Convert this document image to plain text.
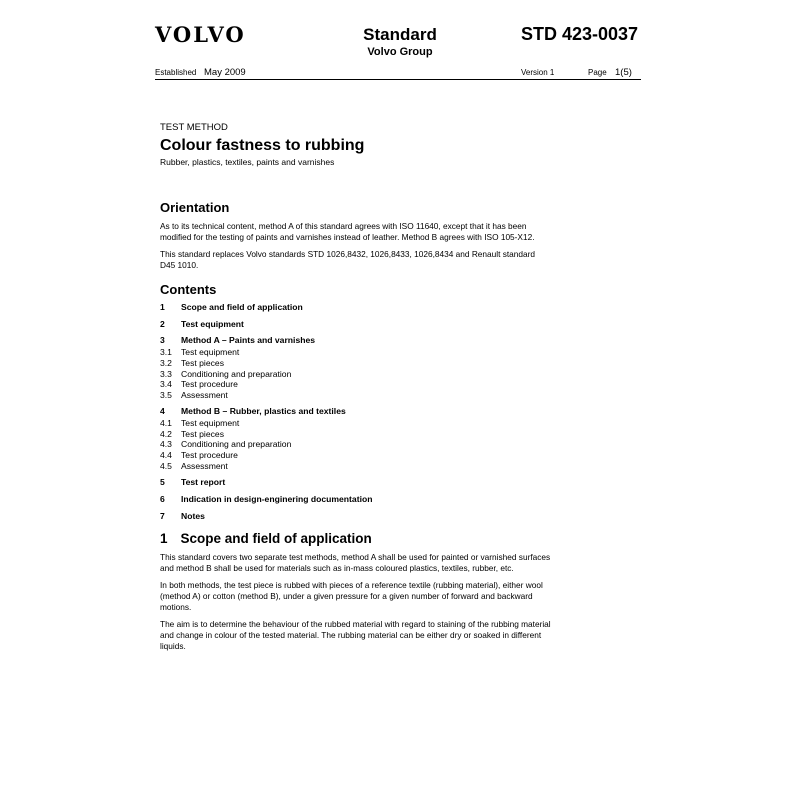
VOLVO	Standard
Volvo Group
STD 423-0037
Established May 2009	Version 1	Page 1(5)
TEST METHOD
Colour fastness to rubbing
Rubber, plastics, textiles, paints and varnishes
Orientation
As to its technical content, method A of this standard agrees with ISO 11640, except that it has been
modified for the testing of paints and varnishes instead of leather. Method B agrees with ISO 105-X12.
This standard replaces Volvo standards STD 1026,8432, 1026,8433, 1026,8434 and Renault standard
D45 1010.
Contents
1 Scope and field of application
2 Test equipment
3 Method A – Paints and varnishes
3.1 Test equipment
3.2 Test pieces
3.3 Conditioning and preparation
3.4 Test procedure
3.5 Assessment
4 Method B – Rubber, plastics and textiles
4.1 Test equipment
4.2 Test pieces
4.3 Conditioning and preparation
4.4 Test procedure
4.5 Assessment
5 Test report
6 Indication in design-enginering documentation
7 Notes
1 Scope and field of application
This standard covers two separate test methods, method A shall be used for painted or varnished surfaces
and method B shall be used for materials such as in-mass coloured plastics, textiles, rubber, etc.
In both methods, the test piece is rubbed with pieces of a reference textile (rubbing material), either wool
(method A) or cotton (method B), under a given pressure for a given number of forward and backward
motions.
The aim is to determine the behaviour of the rubbed material with regard to staining of the rubbing material
and change in colour of the tested material. The rubbing material can be either dry or soaked in different
liquids.
